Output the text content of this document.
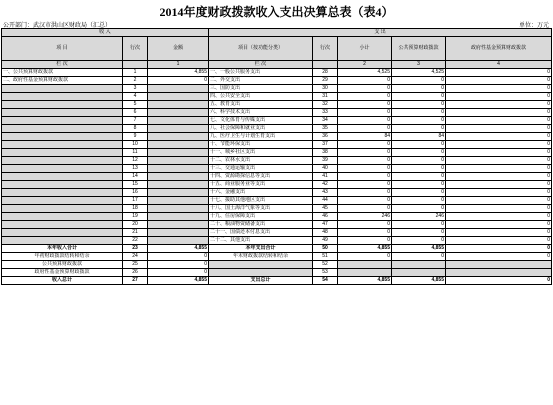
2014年度财政拨款收入支出决算总表（表4）
公开部门：武汉市洪山区财政局（汇总）	单位：万元
收 入			支 出				
项 目	行次	金额	项目（按功能分类）	行次	小计	公共预算财政拨款	政府性基金预算财政拨款
栏 次		1	栏 次		2	3	4
一、公共预算财政拨款	1	4,855	一、一般公共服务支出	28	4,525	4,525	0
二、政府性基金预算财政拨款	2	0	二、外交支出	29	0	0	0
	3		三、国防支出	30	0	0	0
	4		四、公共安全支出	31	0	0	0
	5		五、教育支出	32	0	0	0
	6		六、科学技术支出	33	0	0	0
	7		七、文化体育与传媒支出	34	0	0	0
	8		八、社会保障和就业支出	35	0	0	0
	9		九、医疗卫生与计划生育支出	36	84	84	0
	10		十、节能环保支出	37	0	0	0
	11		十一、城乡社区支出	38	0	0	0
	12		十二、农林水支出	39	0	0	0
	13		十三、交通运输支出	40	0	0	0
	14		十四、资源勘探信息等支出	41	0	0	0
	15		十五、商业服务业等支出	42	0	0	0
	16		十六、金融支出	43	0	0	0
	17		十七、援助其他地区支出	44	0	0	0
	18		十八、国土海洋气象等支出	45	0	0	0
	19		十九、住房保障支出	46	246	246	0
	20		二十、粮油物资储备支出	47	0	0	0
	21		二十一、国债还本付息支出	48	0	0	0
	22		二十二、其他支出	49	0	0	0
本年收入合计	23	4,855	本年支出合计	50	4,855	4,855	0
年初财政拨款结转和结余	24	0	年末财政拨款结转和结余	51	0	0	0
公共预算财政拨款	25	0		52			
政府性基金预算财政拨款	26	0		53			
收入总计	27	4,855	支出总计	54	4,855	4,855	0
